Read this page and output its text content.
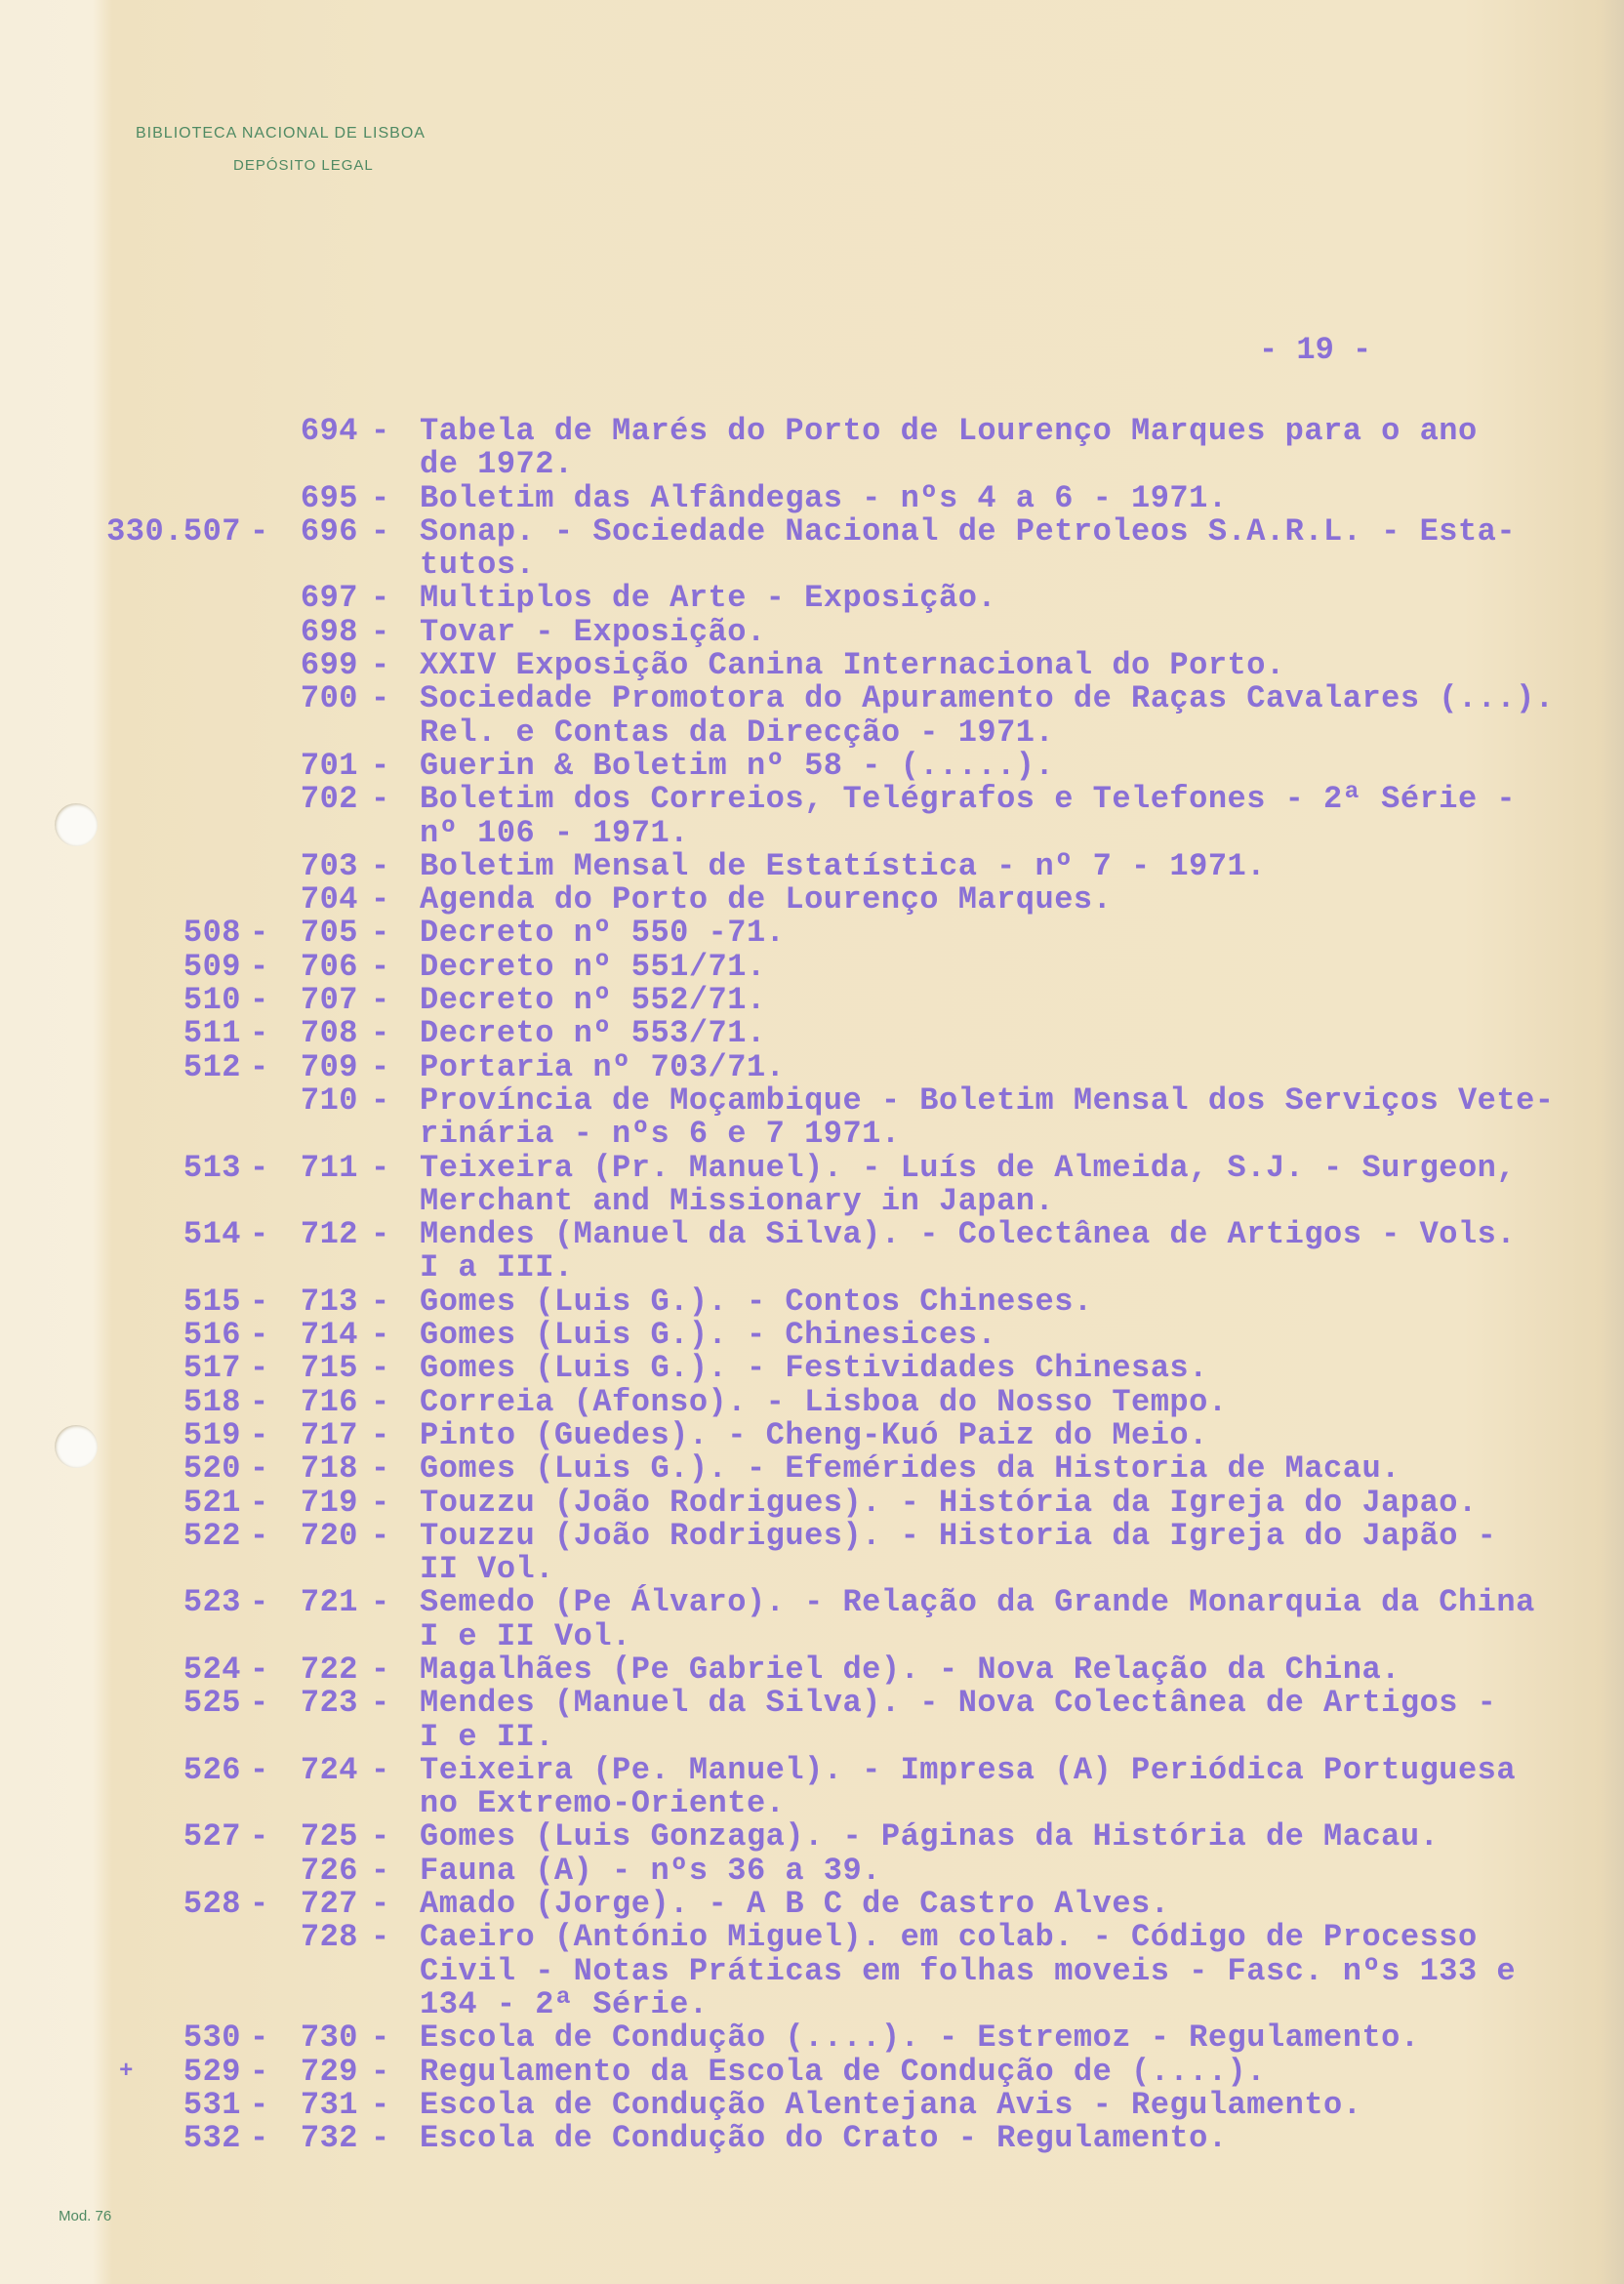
BIBLIOTECA NACIONAL DE LISBOA
DEPÓSITO LEGAL
- 19 -
694 - Tabela de Marés do Porto de Lourenço Marques para o ano
de 1972.
695 - Boletim das Alfândegas - nºs 4 a 6 - 1971.
330.507 - 696 - Sonap. - Sociedade Nacional de Petroleos S.A.R.L. - Esta-
tutos.
697 - Multiplos de Arte - Exposição.
698 - Tovar - Exposição.
699 - XXIV Exposição Canina Internacional do Porto.
700 - Sociedade Promotora do Apuramento de Raças Cavalares (...).
Rel. e Contas da Direcção - 1971.
701 - Guerin & Boletim nº 58 - (.....).
702 - Boletim dos Correios, Telégrafos e Telefones - 2ª Série -
nº 106 - 1971.
703 - Boletim Mensal de Estatística - nº 7 - 1971.
704 - Agenda do Porto de Lourenço Marques.
508 - 705 - Decreto nº 550 -71.
509 - 706 - Decreto nº 551/71.
510 - 707 - Decreto nº 552/71.
511 - 708 - Decreto nº 553/71.
512 - 709 - Portaria nº 703/71.
710 - Província de Moçambique - Boletim Mensal dos Serviços Vete-
rinária - nºs 6 e 7 1971.
513 - 711 - Teixeira (Pr. Manuel). - Luís de Almeida, S.J. - Surgeon,
Merchant and Missionary in Japan.
514 - 712 - Mendes (Manuel da Silva). - Colectânea de Artigos - Vols.
I a III.
515 - 713 - Gomes (Luis G.). - Contos Chineses.
516 - 714 - Gomes (Luis G.). - Chinesices.
517 - 715 - Gomes (Luis G.). - Festividades Chinesas.
518 - 716 - Correia (Afonso). - Lisboa do Nosso Tempo.
519 - 717 - Pinto (Guedes). - Cheng-Kuó Paiz do Meio.
520 - 718 - Gomes (Luis G.). - Efemérides da Historia de Macau.
521 - 719 - Touzzu (João Rodrigues). - História da Igreja do Japao.
522 - 720 - Touzzu (João Rodrigues). - Historia da Igreja do Japão -
II Vol.
523 - 721 - Semedo (Pe Álvaro). - Relação da Grande Monarquia da China
I e II Vol.
524 - 722 - Magalhães (Pe Gabriel de). - Nova Relação da China.
525 - 723 - Mendes (Manuel da Silva). - Nova Colectânea de Artigos -
I e II.
526 - 724 - Teixeira (Pe. Manuel). - Impresa (A) Periódica Portuguesa
no Extremo-Oriente.
527 - 725 - Gomes (Luis Gonzaga). - Páginas da História de Macau.
726 - Fauna (A) - nºs 36 a 39.
528 - 727 - Amado (Jorge). - A B C de Castro Alves.
728 - Caeiro (António Miguel). em colab. - Código de Processo
Civil - Notas Práticas em folhas moveis - Fasc. nºs 133 e
134 - 2ª Série.
530 - 730 - Escola de Condução (....). - Estremoz - Regulamento.
+ 529 - 729 - Regulamento da Escola de Condução de (....).
531 - 731 - Escola de Condução Alentejana Avis - Regulamento.
532 - 732 - Escola de Condução do Crato - Regulamento.
Mod. 76
